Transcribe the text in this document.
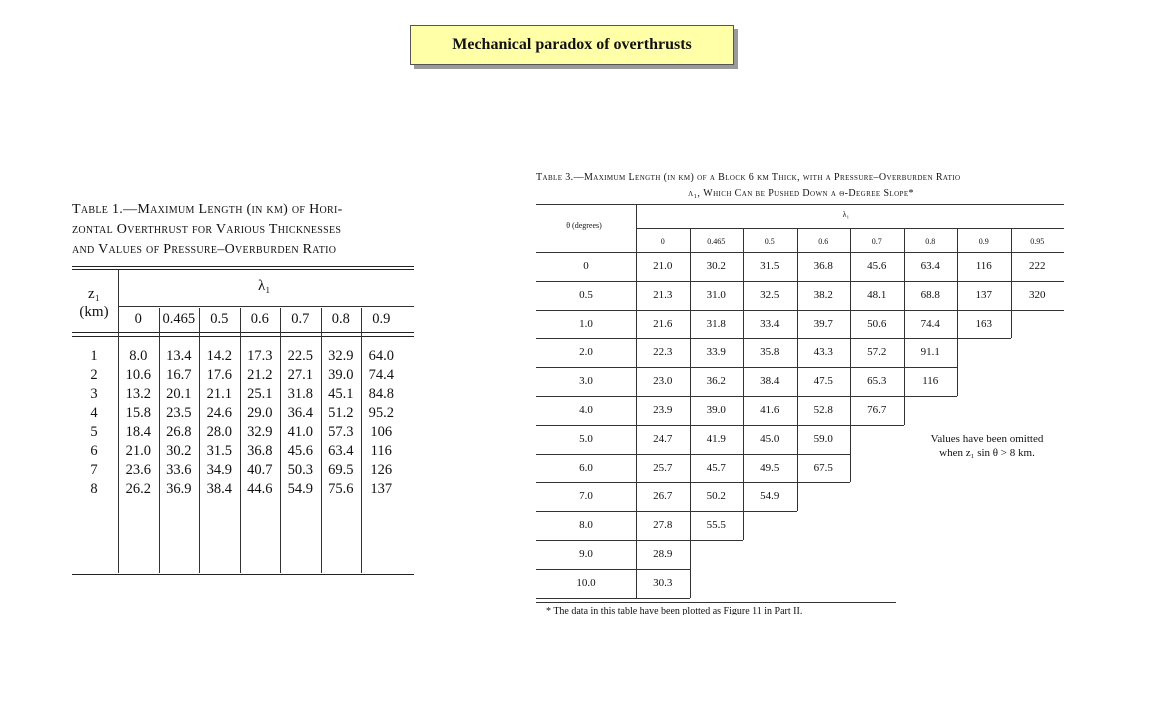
Mechanical paradox of overthrusts
Table 1.—Maximum Length (in km) of Hori-
zontal Overthrust for Various Thicknesses
and Values of Pressure–Overburden Ratio
z₁
(km)
λ₁
0	0.465	0.5	0.6	0.7	0.8	0.9
1	8.0	13.4	14.2	17.3	22.5	32.9	64.0
2	10.6	16.7	17.6	21.2	27.1	39.0	74.4
3	13.2	20.1	21.1	25.1	31.8	45.1	84.8
4	15.8	23.5	24.6	29.0	36.4	51.2	95.2
5	18.4	26.8	28.0	32.9	41.0	57.3	106
6	21.0	30.2	31.5	36.8	45.6	63.4	116
7	23.6	33.6	34.9	40.7	50.3	69.5	126
8	26.2	36.9	38.4	44.6	54.9	75.6	137
Table 3.—Maximum Length (in km) of a Block 6 km Thick, with a Pressure–Overburden Ratio
λ₁, Which Can be Pushed Down a θ-Degree Slope*
θ (degrees)
λ₁
Values have been omitted
when z₁ sin θ > 8 km.
* The data in this table have been plotted as Figure 11 in Part II.
0	0.465	0.5	0.6	0.7	0.8	0.9	0.95
0	21.0	30.2	31.5	36.8	45.6	63.4	116	222
0.5	21.3	31.0	32.5	38.2	48.1	68.8	137	320
1.0	21.6	31.8	33.4	39.7	50.6	74.4	163
2.0	22.3	33.9	35.8	43.3	57.2	91.1
3.0	23.0	36.2	38.4	47.5	65.3	116
4.0	23.9	39.0	41.6	52.8	76.7
5.0	24.7	41.9	45.0	59.0
6.0	25.7	45.7	49.5	67.5
7.0	26.7	50.2	54.9
8.0	27.8	55.5
9.0	28.9
10.0	30.3
